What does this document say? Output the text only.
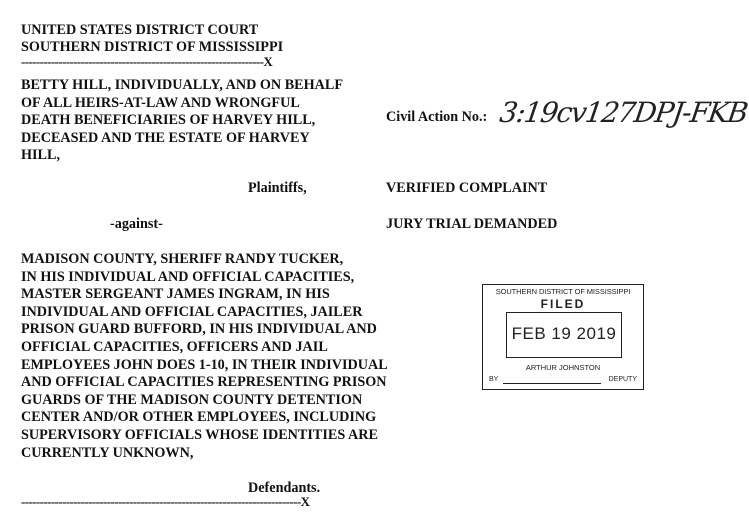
UNITED STATES DISTRICT COURT
SOUTHERN DISTRICT OF MISSISSIPPI
-----------------------------------------------------------------X
BETTY HILL, INDIVIDUALLY, AND ON BEHALF
OF ALL HEIRS-AT-LAW AND WRONGFUL
DEATH BENEFICIARIES OF HARVEY HILL,
DECEASED AND THE ESTATE OF HARVEY
HILL,
Civil Action No.: 3:19cv127DPJ-FKB
Plaintiffs,	VERIFIED COMPLAINT
-against-	JURY TRIAL DEMANDED
MADISON COUNTY, SHERIFF RANDY TUCKER,
IN HIS INDIVIDUAL AND OFFICIAL CAPACITIES,
MASTER SERGEANT JAMES INGRAM, IN HIS
INDIVIDUAL AND OFFICIAL CAPACITIES, JAILER
PRISON GUARD BUFFORD, IN HIS INDIVIDUAL AND
OFFICIAL CAPACITIES, OFFICERS AND JAIL
EMPLOYEES JOHN DOES 1-10, IN THEIR INDIVIDUAL
AND OFFICIAL CAPACITIES REPRESENTING PRISON
GUARDS OF THE MADISON COUNTY DETENTION
CENTER AND/OR OTHER EMPLOYEES, INCLUDING
SUPERVISORY OFFICIALS WHOSE IDENTITIES ARE
CURRENTLY UNKNOWN,
Defendants.
---------------------------------------------------------------------------X
SOUTHERN DISTRICT OF MISSISSIPPI
FILED
FEB 19 2019
ARTHUR JOHNSTON
BY	DEPUTY
